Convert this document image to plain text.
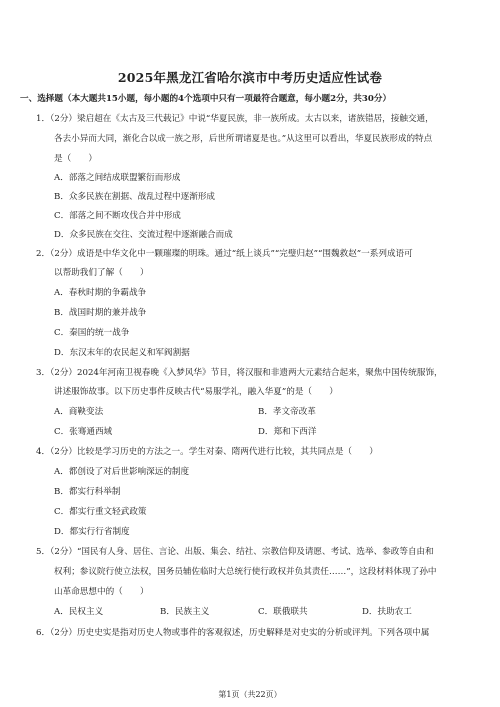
2025年黑龙江省哈尔滨市中考历史适应性试卷
一、选择题（本大题共15小题，每小题的4个选项中只有一项最符合题意，每小题2分，共30分）
1．（2分）梁启超在《太古及三代载记》中说“华夏民族，非一族所成。太古以来，诸族错居，接触交通，
各去小异而大同，渐化合以成一族之形，后世所谓诸夏是也。”从这里可以看出，华夏民族形成的特点
是（　　）
A．部落之间结成联盟繁衍而形成
B．众多民族在割据、战乱过程中逐渐形成
C．部落之间不断攻伐合并中形成
D．众多民族在交往、交流过程中逐渐融合而成
2．（2分）成语是中华文化中一颗璀璨的明珠。通过“纸上谈兵”“完璧归赵”“围魏救赵”一系列成语可
以帮助我们了解（　　）
A．春秋时期的争霸战争
B．战国时期的兼并战争
C．秦国的统一战争
D．东汉末年的农民起义和军阀割据
3．（2分）2024年河南卫视春晚《入梦风华》节目，将汉服和非遗两大元素结合起来，聚焦中国传统服饰，
讲述服饰故事。以下历史事件反映古代“易服学礼，融入华夏”的是（　　）
A．商鞅变法	B．孝文帝改革
C．张骞通西域	D．郑和下西洋
4．（2分）比较是学习历史的方法之一。学生对秦、隋两代进行比较，其共同点是（　　）
A．都创设了对后世影响深远的制度
B．都实行科举制
C．都实行重文轻武政策
D．都实行行省制度
5．（2分）“国民有人身、居住、言论、出版、集会、结社、宗教信仰及请愿、考试、选举、参政等自由和
权利；参议院行使立法权，国务员辅佐临时大总统行使行政权并负其责任……”，这段材料体现了孙中
山革命思想中的（　　）
A．民权主义	B．民族主义	C．联俄联共	D．扶助农工
6．（2分）历史史实是指对历史人物或事件的客观叙述，历史解释是对史实的分析或评判。下列各项中属
第1页（共22页）
